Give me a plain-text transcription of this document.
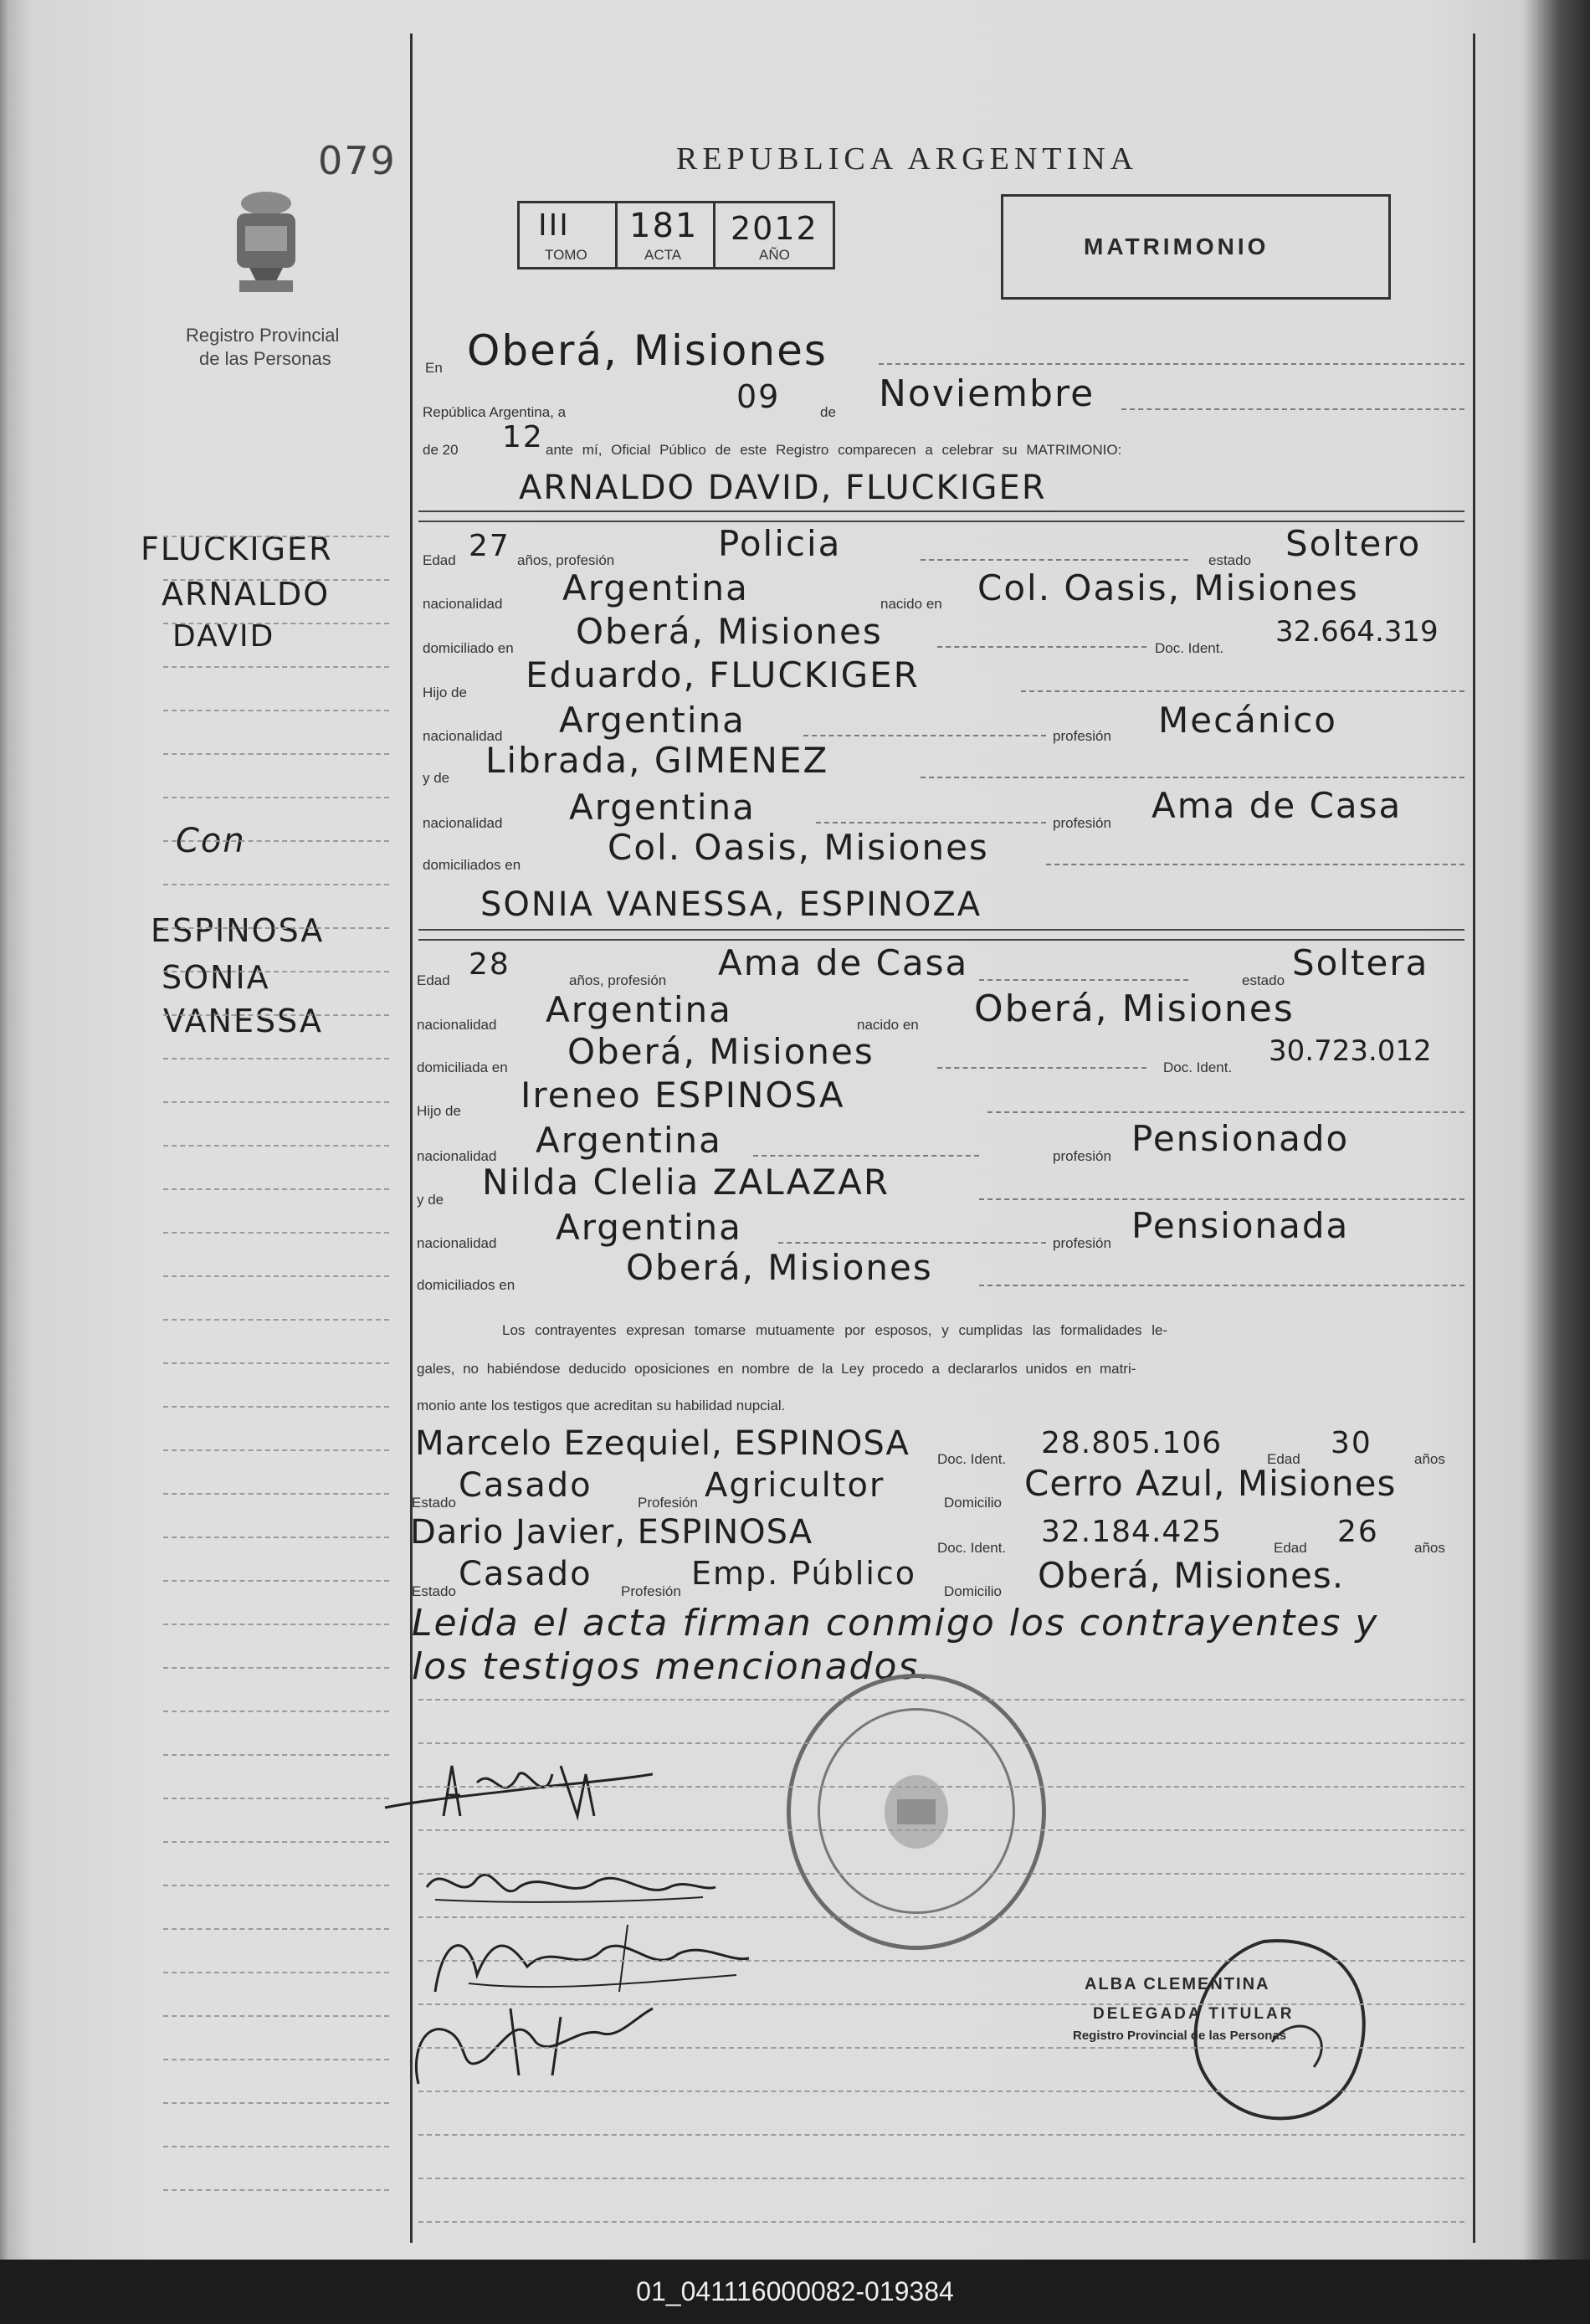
079
Registro Provincial
de las Personas
REPUBLICA ARGENTINA
III
TOMO
181
ACTA
2012
AÑO	MATRIMONIO
FLUCKIGER
ARNALDO
DAVID
Con
ESPINOSA
SONIA
VANESSA
En Oberá, Misiones
República Argentina, a	09	de Noviembre
de 20 12 ante mí, Oficial Público de este Registro comparecen a celebrar su MATRIMONIO:
ARNALDO DAVID, FLUCKIGER
Edad 27 años, profesión	Policia	estado Soltero
nacionalidad Argentina	nacido en Col. Oasis, Misiones
domiciliado en Oberá, Misiones	Doc. Ident. 32.664.319
Hijo de Eduardo, FLUCKIGER
nacionalidad Argentina	profesión Mecánico
y de Librada, GIMENEZ
nacionalidad Argentina	profesión Ama de Casa
domiciliados en Col. Oasis, Misiones
SONIA VANESSA, ESPINOZA
Edad 28	años, profesión Ama de Casa	estado Soltera
nacionalidad Argentina	nacido en Oberá, Misiones
domiciliada en Oberá, Misiones	Doc. Ident. 30.723.012
Hijo de Ireneo ESPINOSA
nacionalidad Argentina	profesión Pensionado
y de Nilda Clelia ZALAZAR
nacionalidad Argentina	profesión Pensionada
domiciliados en	Oberá, Misiones
Los contrayentes expresan tomarse mutuamente por esposos, y cumplidas las formalidades le-
gales, no habiéndose deducido oposiciones en nombre de la Ley procedo a declararlos unidos en matri-
monio ante los testigos que acreditan su habilidad nupcial.
Marcelo Ezequiel, ESPINOSA Doc. Ident. 28.805.106	Edad 30	años
Estado Casado	Profesión Agricultor	Domicilio Cerro Azul, Misiones
Dario Javier, ESPINOSA	Doc. Ident. 32.184.425	Edad 26 años
Estado Casado Profesión Emp. Público Domicilio Oberá, Misiones.
Leida el acta firman conmigo los contrayentes y
los testigos mencionados.
ALBA CLEMENTINA
DELEGADA TITULAR
Registro Provincial de las Personas
01_041116000082-019384
